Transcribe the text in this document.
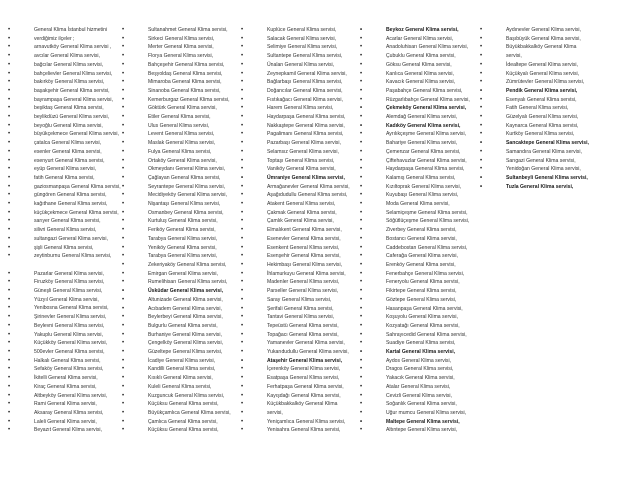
•	General Klima İstanbul hizmetini
•	verdiğimiz ilçeler ;
•	arnavutköy General Klima servisi ,
•	avcılar General Klima servisi,
•	bağcılar General Klima servisi,
•	bahçelievler General Klima servisi,
•	bakırköy General Klima servisi,
•	başakşehir General Klima servisi,
•	bayrampaşa General Klima servisi,
•	beşiktaş General Klima servisi,
•	beylikdüzü General Klima servisi,
•	beyoğlu General Klima servisi,
•	büyükçekmece General Klima servisi,
•	çatalca General Klima servisi,
•	esenler General Klima servisi,
•	esenyurt General Klima servisi,
•	eyüp General Klima servisi,
•	fatih General Klima servisi,
•	gaziosmanpaşa General Klima servisi,
•	güngören General Klima servisi,
•	kağıthane General Klima servisi,
•	küçükçekmece General Klima servisi,
•	sarıyer General Klima servisi,
•	silivri General Klima servisi,
•	sultangazi General Klima servisi,
•	şişli General Klima servisi,
•	zeytinburnu General Klima servisi,
•	Pazarlar General Klima servisi,
•	Firuzköy General Klima servisi,
•	Güneşli General Klima servisi,
•	Yüzyıl General Klima servisi,
•	Yenibosna General Klima servisi,
•	Şirinevler General Klima servisi,
•	Beylevni General Klima servisi,
•	Yakuplu General Klima servisi,
•	Küçükköy General Klima servisi,
•	500evler General Klima servisi,
•	Halkalı General Klima servisi,
•	Sefaköy General Klima servisi,
•	İkitelli General Klima servisi,
•	Kiraç General Klima servisi,
•	Altbeyköy General Klima servisi,
•	Rami General Klima servisi,
•	Aksaray General Klima servisi,
•	Laleli General Klima servisi,
•	Beyazıt General Klima servisi,
•	Sultanahmet General Klima servisi,
•	Sirkeci General Klima servisi,
•	Merter General Klima servisi,
•	Florya General Klima servisi,
•	Bahçeşehir General Klima servisi,
•	Beşyoldaş General Klima servisi,
•	Mimaroba General Klima servisi,
•	Sinanoba General Klima servisi,
•	Kemerburgaz General Klima servisi,
•	Göktürk General Klima servisi,
•	Etiler General Klima servisi,
•	Ulus General Klima servisi,
•	Levent General Klima servisi,
•	Maslak General Klima servisi,
•	Fulya General Klima servisi,
•	Ortaköy General Klima servisi,
•	Okmeydanı General Klima servisi,
•	Çağlayan General Klima servisi,
•	Seyrantepe General Klima servisi,
•	Mecidiyeköy General Klima servisi,
•	Nişantaşı General Klima servisi,
•	Osmanbey General Klima servisi,
•	Kurtuluş General Klima servisi,
•	Feriköy General Klima servisi,
•	Tarabya General Klima servisi,
•	Yeniköy General Klima servisi,
•	Tarabya General Klima servisi,
•	Zekeriyaköy General Klima servisi,
•	Emirgan General Klima servisi,
•	Rumelihisarı General Klima servisi,
•	Üsküdar General Klima servisi,
•	Altunizade General Klima servisi,
•	Acıbadem General Klima servisi,
•	Beylerbeyi General Klima servisi,
•	Bulgurlu General Klima servisi,
•	Burhaniye General Klima servisi,
•	Çengelköy General Klima servisi,
•	Güzeltepe General Klima servisi,
•	İcadiye General Klima servisi,
•	Kandilli General Klima servisi,
•	Kısıklı General Klima servisi,
•	Kuleli General Klima servisi,
•	Kuzguncuk General Klima servisi,
•	Küçüksu General Klima servisi,
•	Büyükçamlıca General Klima servisi,
•	Çamlıca General Klima servisi,
•	Küçüksu General Klima servisi,
•	Kuplüce General Klima servisi,
•	Salacak General Klima servisi,
•	Selimiye General Klima servisi,
•	Sultantepe General Klima servisi,
•	Ünalan General Klima servisi,
•	Zeynepkamil General Klima servisi,
•	Bağlarbaşı General Klima servisi,
•	Doğancılar General Klima servisi,
•	Fıstıkağacı General Klima servisi,
•	Harem General Klima servisi,
•	Haydarpaşa General Klima servisi,
•	Nakkaştepe General Klima servisi,
•	Pagalimanı General Klima servisi,
•	Pazarbaşı General Klima servisi,
•	Selamsız General Klima servisi,
•	Toptaşı General Klima servisi,
•	Vaniköy General Klima servisi,
•	Ümraniye General Klima servisi,
•	Armağanevler General Klima servisi,
•	Aşağıdudullu General Klima servisi,
•	Atakent General Klima servisi,
•	Çakmak General Klima servisi,
•	Çamlık General Klima servisi,
•	Elmalıkent General Klima servisi,
•	Esenevler General Klima servisi,
•	Esenkent General Klima servisi,
•	Esenşehir General Klima servisi,
•	Hekimbaşı General Klima servisi,
•	İhlamurkuyu General Klima servisi,
•	Madenler General Klima servisi,
•	Parseller General Klima servisi,
•	Saray General Klima servisi,
•	Şerifali General Klima servisi,
•	Tantavi General Klima servisi,
•	Tepeüstü General Klima servisi,
•	Topağacı General Klima servisi,
•	Yamanevler General Klima servisi,
•	Yukarıdudullu General Klima servisi,
•	Ataşehir General Klima servisi,
•	İçerenköy General Klima servisi,
•	Esatpaşa General Klima servisi,
•	Ferhatpaşa General Klima servisi,
•	Kayışdağı General Klima servisi,
•	Küçükbakkalköy General Klima
•	servisi,
•	Yeniçamlıca General Klima servisi,
•	Yenisahra General Klima servisi,
•	Beykoz General Klima servisi,
•	Acarlar General Klima servisi,
•	Anadoluhisarı General Klima servisi,
•	Çubuklu General Klima servisi,
•	Göksu General Klima servisi,
•	Kanlıca General Klima servisi,
•	Kavacık General Klima servisi,
•	Paşabahçe General Klima servisi,
•	Rüzgarlıbahçe General Klima servisi,
•	Çekmeköy General Klima servisi,
•	Alemdağ General Klima servisi,
•	Kadıköy General Klima servisi,
•	Ayrılıkçeşme General Klima servisi,
•	Bahariye General Klima servisi,
•	Çemenzar General Klima servisi,
•	Çiftehavuzlar General Klima servisi,
•	Haydarpaşa General Klima servisi,
•	Kalamış General Klima servisi,
•	Kızıltoprak General Klima servisi,
•	Kuyubaşı General Klima servisi,
•	Moda General Klima servisi,
•	Selamiçeşme General Klima servisi,
•	Söğütlüçeşme General Klima servisi,
•	Ziverbey General Klima servisi,
•	Bostancı General Klima servisi,
•	Caddebostan General Klima servisi,
•	Caferağa General Klima servisi,
•	Erenköy General Klima servisi,
•	Fenerbahçe General Klima servisi,
•	Feneryolu General Klima servisi,
•	Fikirtepe General Klima servisi,
•	Göztepe General Klima servisi,
•	Hasanpaşa General Klima servisi,
•	Koşuyolu General Klima servisi,
•	Kozyatağı General Klima servisi,
•	Sahrayıcedid General Klima servisi,
•	Suadiye General Klima servisi,
•	Kartal General Klima servisi,
•	Aydos General Klima servisi,
•	Dragos General Klima servisi,
•	Yakacık General Klima servisi,
•	Atalar General Klima servisi,
•	Cevizli General Klima servisi,
•	Soğanlık General Klima servisi,
•	Uğur mumcu General Klima servisi,
•	Maltepe General Klima servisi,
•	Altıntepe General Klima servisi,
•	Aydınevler General Klima servisi,
•	Başıbüyük General Klima servisi,
•	Büyükbakkalköy General Klima
•	servisi,
•	İdealtepe General Klima servisi,
•	Küçükyalı General Klima servisi,
•	Zümrütevler General Klima servisi,
•	Pendik General Klima servisi,
•	Esenyalı General Klima servisi,
•	Fatih General Klima servisi,
•	Güzelyalı General Klima servisi,
•	Kaynarca General Klima servisi,
•	Kurtköy General Klima servisi,
•	Sancaktepe General Klima servisi,
•	Samandıra General Klima servisi,
•	Sarıgazi General Klima servisi,
•	Yenidoğan General Klima servisi,
•	Sultanbeyli General Klima servisi,
•	Tuzla General Klima servisi,
